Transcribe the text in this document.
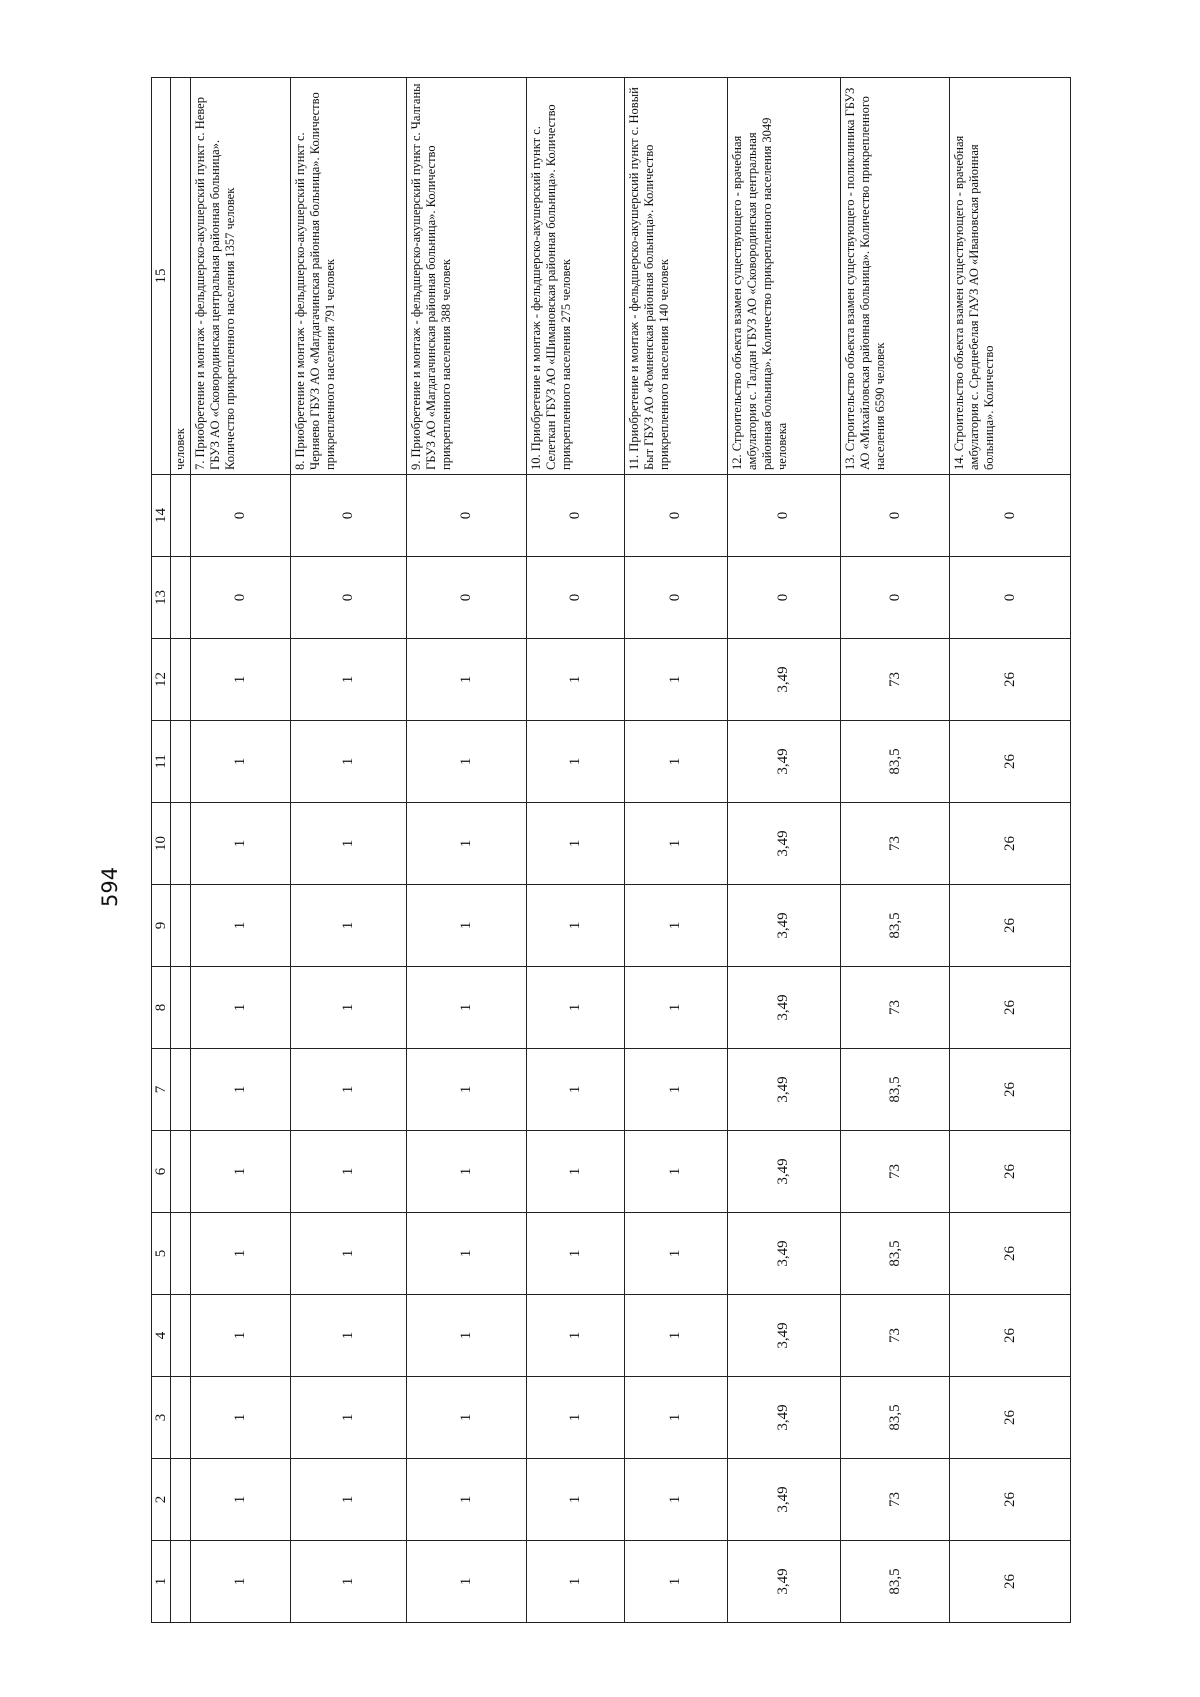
594
1	2	3	4	5	6	7	8	9	10	11	12	13	14	15
														человек
1	1	1	1	1	1	1	1	1	1	1	1	0	0	7. Приобретение и монтаж - фельдшерско-акушерский пункт с. Невер ГБУЗ АО «Сковородинская центральная районная больница». Количество прикрепленного населения 1357 человек
1	1	1	1	1	1	1	1	1	1	1	1	0	0	8. Приобретение и монтаж - фельдшерско-акушерский пункт с. Черняево ГБУЗ АО «Магдагачинская районная больница». Количество прикрепленного населения 791 человек
1	1	1	1	1	1	1	1	1	1	1	1	0	0	9. Приобретение и монтаж - фельдшерско-акушерский пункт с. Чалганы ГБУЗ АО «Магдагачинская районная больница». Количество прикрепленного населения 388 человек
1	1	1	1	1	1	1	1	1	1	1	1	0	0	10. Приобретение и монтаж - фельдшерско-акушерский пункт с. Селеткан ГБУЗ АО «Шимановская районная больница». Количество прикрепленного населения 275 человек
1	1	1	1	1	1	1	1	1	1	1	1	0	0	11. Приобретение и монтаж - фельдшерско-акушерский пункт с. Новый Быт ГБУЗ АО «Ромненская районная больница». Количество прикрепленного населения 140 человек
3,49	3,49	3,49	3,49	3,49	3,49	3,49	3,49	3,49	3,49	3,49	3,49	0	0	12. Строительство объекта взамен существующего - врачебная амбулатория с. Талдан ГБУЗ АО «Сковородинская центральная районная больница». Количество прикрепленного населения 3049 человека
83,5	73	83,5	73	83,5	73	83,5	73	83,5	73	83,5	73	0	0	13. Строительство объекта взамен существующего - поликлиника ГБУЗ АО «Михайловская районная больница». Количество прикрепленного населения 6590 человек
26	26	26	26	26	26	26	26	26	26	26	26	0	0	14. Строительство объекта взамен существующего - врачебная амбулатория с. Среднебелая ГАУЗ АО «Ивановская районная больница». Количество
